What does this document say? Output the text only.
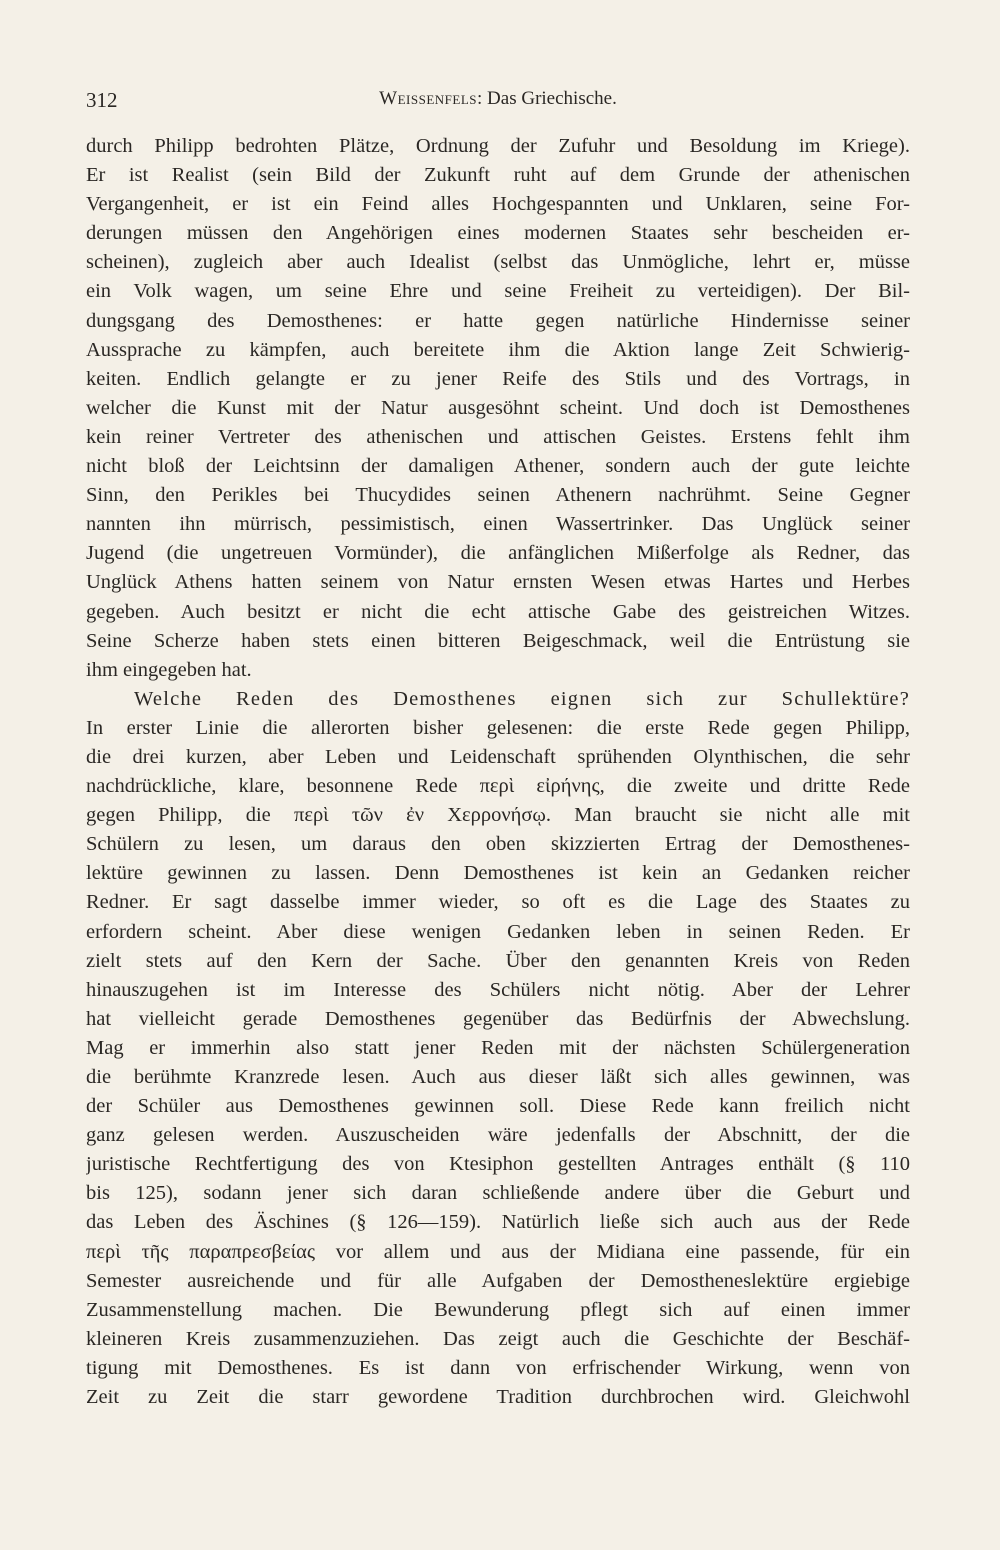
312	Weissenfels: Das Griechische.
durch Philipp bedrohten Plätze, Ordnung der Zufuhr und Besoldung im Kriege).
Er ist Realist (sein Bild der Zukunft ruht auf dem Grunde der athenischen
Vergangenheit, er ist ein Feind alles Hochgespannten und Unklaren, seine For-
derungen müssen den Angehörigen eines modernen Staates sehr bescheiden er-
scheinen), zugleich aber auch Idealist (selbst das Unmögliche, lehrt er, müsse
ein Volk wagen, um seine Ehre und seine Freiheit zu verteidigen). Der Bil-
dungsgang des Demosthenes: er hatte gegen natürliche Hindernisse seiner
Aussprache zu kämpfen, auch bereitete ihm die Aktion lange Zeit Schwierig-
keiten. Endlich gelangte er zu jener Reife des Stils und des Vortrags, in
welcher die Kunst mit der Natur ausgesöhnt scheint. Und doch ist Demosthenes
kein reiner Vertreter des athenischen und attischen Geistes. Erstens fehlt ihm
nicht bloß der Leichtsinn der damaligen Athener, sondern auch der gute leichte
Sinn, den Perikles bei Thucydides seinen Athenern nachrühmt. Seine Gegner
nannten ihn mürrisch, pessimistisch, einen Wassertrinker. Das Unglück seiner
Jugend (die ungetreuen Vormünder), die anfänglichen Mißerfolge als Redner, das
Unglück Athens hatten seinem von Natur ernsten Wesen etwas Hartes und Herbes
gegeben. Auch besitzt er nicht die echt attische Gabe des geistreichen Witzes.
Seine Scherze haben stets einen bitteren Beigeschmack, weil die Entrüstung sie
ihm eingegeben hat.
Welche Reden des Demosthenes eignen sich zur Schullektüre?
In erster Linie die allerorten bisher gelesenen: die erste Rede gegen Philipp,
die drei kurzen, aber Leben und Leidenschaft sprühenden Olynthischen, die sehr
nachdrückliche, klare, besonnene Rede περὶ εἰρήνης, die zweite und dritte Rede
gegen Philipp, die περὶ τῶν ἐν Χερρονήσῳ. Man braucht sie nicht alle mit
Schülern zu lesen, um daraus den oben skizzierten Ertrag der Demosthenes-
lektüre gewinnen zu lassen. Denn Demosthenes ist kein an Gedanken reicher
Redner. Er sagt dasselbe immer wieder, so oft es die Lage des Staates zu
erfordern scheint. Aber diese wenigen Gedanken leben in seinen Reden. Er
zielt stets auf den Kern der Sache. Über den genannten Kreis von Reden
hinauszugehen ist im Interesse des Schülers nicht nötig. Aber der Lehrer
hat vielleicht gerade Demosthenes gegenüber das Bedürfnis der Abwechslung.
Mag er immerhin also statt jener Reden mit der nächsten Schülergeneration
die berühmte Kranzrede lesen. Auch aus dieser läßt sich alles gewinnen, was
der Schüler aus Demosthenes gewinnen soll. Diese Rede kann freilich nicht
ganz gelesen werden. Auszuscheiden wäre jedenfalls der Abschnitt, der die
juristische Rechtfertigung des von Ktesiphon gestellten Antrages enthält (§ 110
bis 125), sodann jener sich daran schließende andere über die Geburt und
das Leben des Äschines (§ 126—159). Natürlich ließe sich auch aus der Rede
περὶ τῆς παραπρεσβείας vor allem und aus der Midiana eine passende, für ein
Semester ausreichende und für alle Aufgaben der Demostheneslektüre ergiebige
Zusammenstellung machen. Die Bewunderung pflegt sich auf einen immer
kleineren Kreis zusammenzuziehen. Das zeigt auch die Geschichte der Beschäf-
tigung mit Demosthenes. Es ist dann von erfrischender Wirkung, wenn von
Zeit zu Zeit die starr gewordene Tradition durchbrochen wird. Gleichwohl
